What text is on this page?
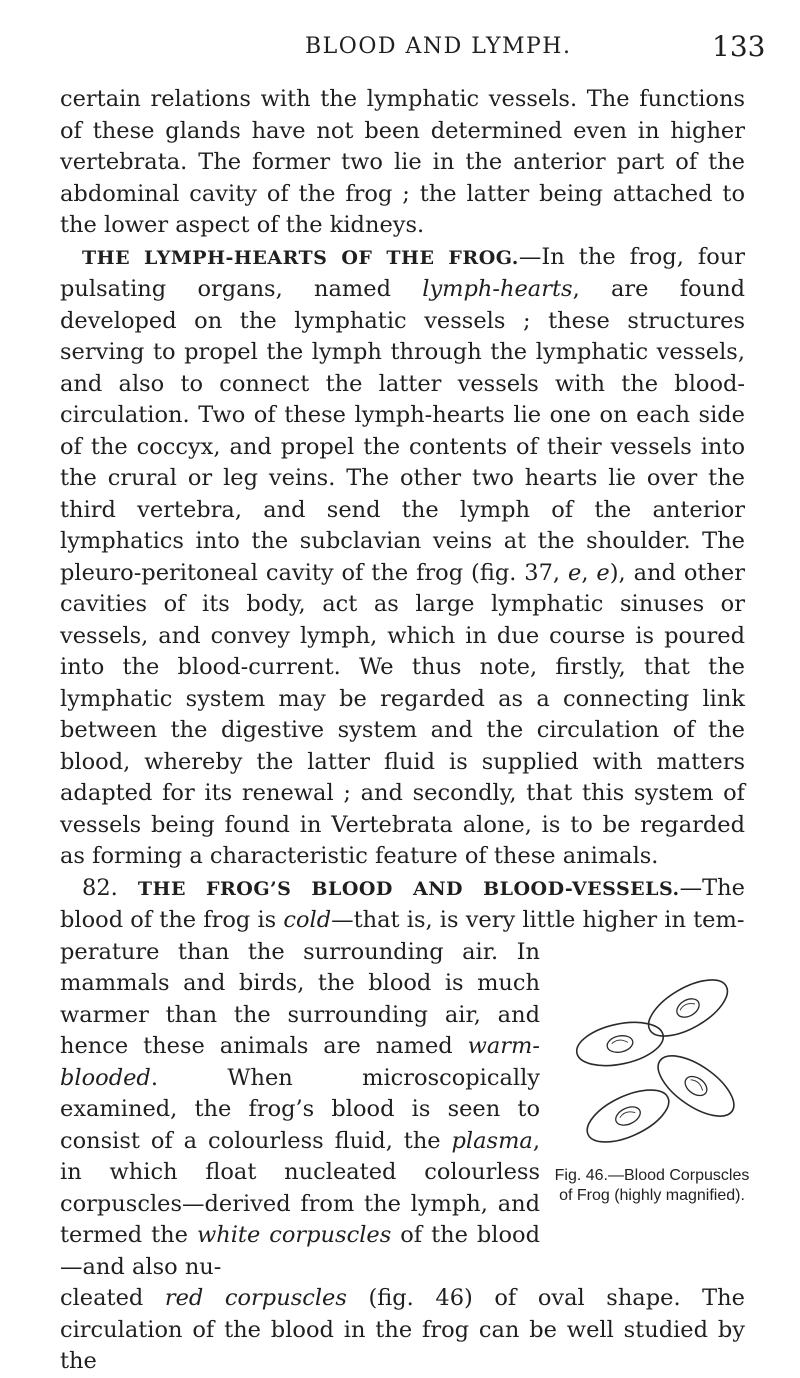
BLOOD AND LYMPH.	133

certain relations with the lymphatic vessels. The functions of these glands have not been determined even in higher vertebrata. The former two lie in the anterior part of the abdominal cavity of the frog ; the latter being attached to the lower aspect of the kidneys.

THE LYMPH-HEARTS OF THE FROG.—In the frog, four pulsating organs, named lymph-hearts, are found developed on the lymphatic vessels ; these structures serving to propel the lymph through the lymphatic vessels, and also to connect the latter vessels with the blood-circulation. Two of these lymph-hearts lie one on each side of the coccyx, and propel the contents of their vessels into the crural or leg veins. The other two hearts lie over the third vertebra, and send the lymph of the anterior lymphatics into the subclavian veins at the shoulder. The pleuro-peritoneal cavity of the frog (fig. 37, e, e), and other cavities of its body, act as large lymphatic sinuses or vessels, and convey lymph, which in due course is poured into the blood-current. We thus note, firstly, that the lymphatic system may be regarded as a connecting link between the digestive system and the circulation of the blood, whereby the latter fluid is supplied with matters adapted for its renewal ; and secondly, that this system of vessels being found in Vertebrata alone, is to be regarded as forming a characteristic feature of these animals.

82. THE FROG’S BLOOD AND BLOOD-VESSELS.—The blood of the frog is cold—that is, is very little higher in tem-

perature than the surrounding air. In mammals and birds, the blood is much warmer than the surrounding air, and hence these animals are named warm-blooded. When microscopically examined, the frog’s blood is seen to consist of a colourless fluid, the plasma, in which float nucleated colourless corpuscles—derived from the lymph, and termed the white corpuscles of the blood—and also nu-

cleated red corpuscles (fig. 46) of oval shape. The circulation of the blood in the frog can be well studied by the

Fig. 46.—Blood Corpuscles of Frog (highly magnified).
